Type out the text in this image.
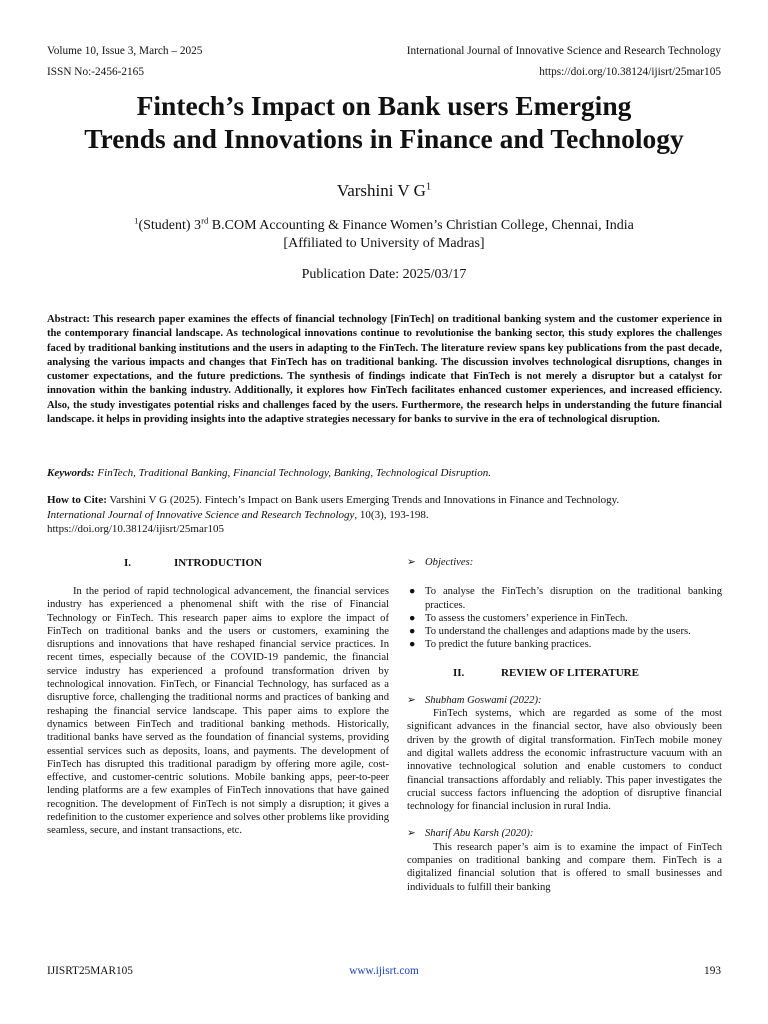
Volume 10, Issue 3, March – 2025	International Journal of Innovative Science and Research Technology
ISSN No:-2456-2165	https://doi.org/10.38124/ijisrt/25mar105
Fintech’s Impact on Bank users Emerging
Trends and Innovations in Finance and Technology
Varshini V $G^1$
$^1$(Student) 3rd B.COM Accounting & Finance Women’s Christian College, Chennai, India
[Affiliated to University of Madras]
Publication Date: 2025/03/17
Abstract: This research paper examines the effects of financial technology [FinTech] on traditional banking system and the customer experience in the contemporary financial landscape. As technological innovations continue to revolutionise the banking sector, this study explores the challenges faced by traditional banking institutions and the users in adapting to the FinTech. The literature review spans key publications from the past decade, analysing the various impacts and changes that FinTech has on traditional banking. The discussion involves technological disruptions, changes in customer expectations, and the future predictions. The synthesis of findings indicate that FinTech is not merely a disruptor but a catalyst for innovation within the banking industry. Additionally, it explores how FinTech facilitates enhanced customer experiences, and increased efficiency. Also, the study investigates potential risks and challenges faced by the users. Furthermore, the research helps in understanding the future financial landscape. it helps in providing insights into the adaptive strategies necessary for banks to survive in the era of technological disruption.
Keywords: FinTech, Traditional Banking, Financial Technology, Banking, Technological Disruption.
How to Cite: Varshini V G (2025). Fintech’s Impact on Bank users Emerging Trends and Innovations in Finance and Technology.
International Journal of Innovative Science and Research Technology, 10(3), 193-198.
https://doi.org/10.38124/ijisrt/25mar105
I.	INTRODUCTION

In the period of rapid technological advancement, the financial services industry has experienced a phenomenal shift with the rise of Financial Technology or FinTech. This research paper aims to explore the impact of FinTech on traditional banks and the users or customers, examining the disruptions and innovations that have reshaped financial service practices. In recent times, especially because of the COVID-19 pandemic, the financial service industry has experienced a profound transformation driven by technological innovation. FinTech, or Financial Technology, has surfaced as a disruptive force, challenging the traditional norms and practices of banking and reshaping the financial service landscape. This paper aims to explore the dynamics between FinTech and traditional banking methods. Historically, traditional banks have served as the foundation of financial systems, providing essential services such as deposits, loans, and payments. The development of FinTech has disrupted this traditional paradigm by offering more agile, cost-effective, and customer-centric solutions. Mobile banking apps, peer-to-peer lending platforms are a few examples of FinTech innovations that have gained recognition. The development of FinTech is not simply a disruption; it gives a redefinition to the customer experience and solves other problems like providing seamless, secure, and instant transactions, etc.

➢ Objectives:
● To analyse the FinTech’s disruption on the traditional banking practices.
● To assess the customers’ experience in FinTech.
● To understand the challenges and adaptions made by the users.
● To predict the future banking practices.
II.	REVIEW OF LITERATURE
➢ Shubham Goswami (2022):

FinTech systems, which are regarded as some of the most significant advances in the financial sector, have also obviously been driven by the growth of digital transformation. FinTech mobile money and digital wallets address the economic infrastructure vacuum with an innovative technological solution and enable customers to conduct financial transactions affordably and reliably. This paper investigates the crucial success factors influencing the adoption of disruptive financial technology for financial inclusion in rural India.

➢ Sharif Abu Karsh (2020):

This research paper’s aim is to examine the impact of FinTech companies on traditional banking and compare them. FinTech is a digitalized financial solution that is offered to small businesses and individuals to fulfill their banking

IJISRT25MAR105	www.ijisrt.com	193
